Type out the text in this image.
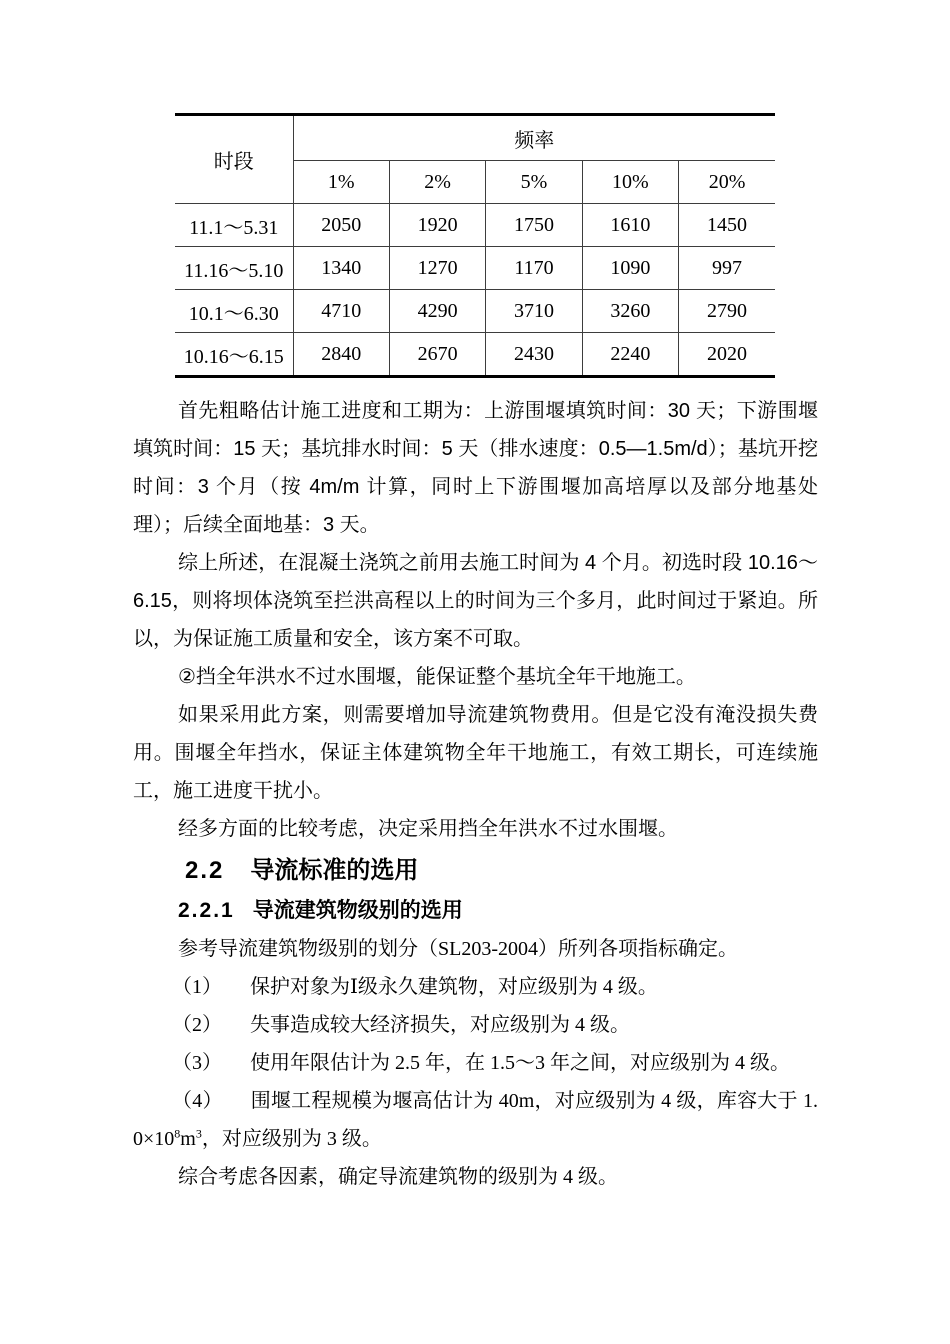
时段	频率				
	1%	2%	5%	10%	20%
11.1～5.31	2050	1920	1750	1610	1450
11.16～5.10	1340	1270	1170	1090	997
10.1～6.30	4710	4290	3710	3260	2790
10.16～6.15	2840	2670	2430	2240	2020

首先粗略估计施工进度和工期为：上游围堰填筑时间：30 天；下游围堰填筑时间：15 天；基坑排水时间：5 天（排水速度：0.5—1.5m/d）；基坑开挖时间：3 个月（按 4m/m 计算，同时上下游围堰加高培厚以及部分地基处理）；后续全面地基：3 天。

综上所述，在混凝土浇筑之前用去施工时间为 4 个月。初选时段 10.16～6.15，则将坝体浇筑至拦洪高程以上的时间为三个多月，此时间过于紧迫。所以，为保证施工质量和安全，该方案不可取。

②挡全年洪水不过水围堰，能保证整个基坑全年干地施工。

如果采用此方案，则需要增加导流建筑物费用。但是它没有淹没损失费用。围堰全年挡水，保证主体建筑物全年干地施工，有效工期长，可连续施工，施工进度干扰小。

经多方面的比较考虑，决定采用挡全年洪水不过水围堰。

2.2 导流标准的选用
2.2.1 导流建筑物级别的选用

参考导流建筑物级别的划分（SL203-2004）所列各项指标确定。

（1） 保护对象为Ⅰ级永久建筑物，对应级别为 4 级。

（2） 失事造成较大经济损失，对应级别为 4 级。

（3） 使用年限估计为 2.5 年，在 1.5～3 年之间，对应级别为 4 级。

（4） 围堰工程规模为堰高估计为 40m，对应级别为 4 级，库容大于 1. $0\times 10^8m^3$，对应级别为 3 级。

综合考虑各因素，确定导流建筑物的级别为 4 级。
